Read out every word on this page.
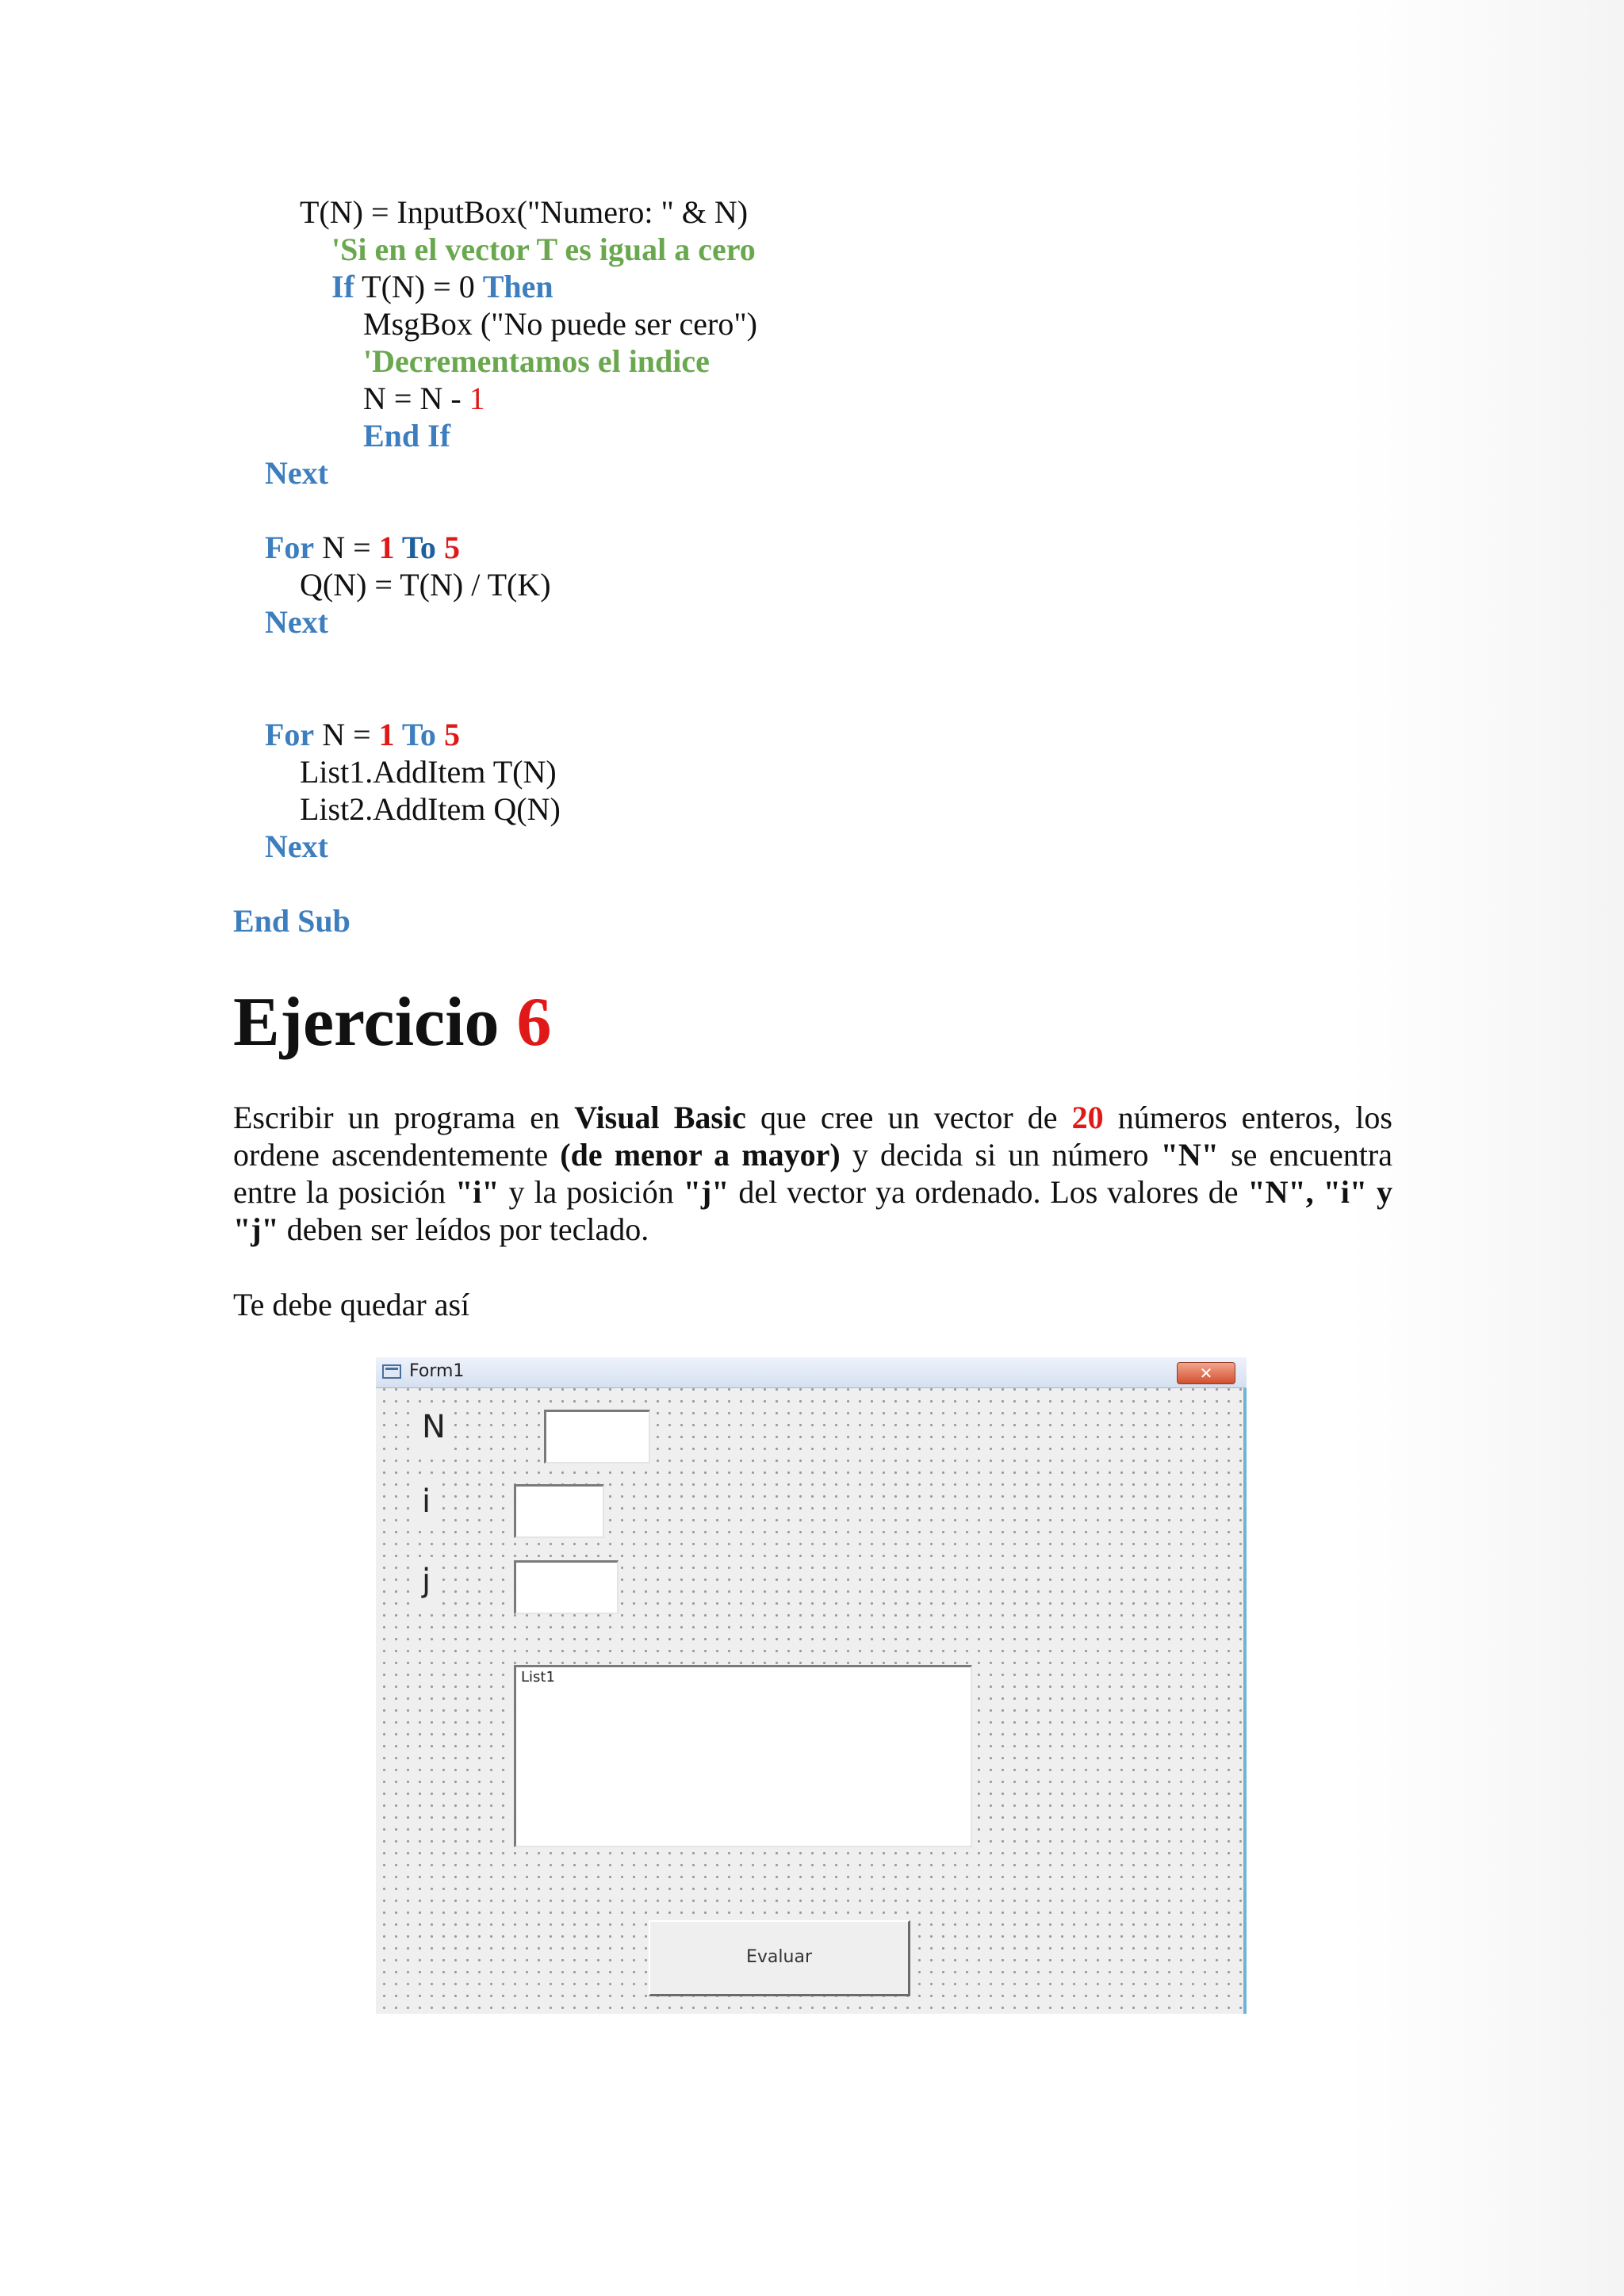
T(N) = InputBox("Numero: " & N)
'Si en el vector T es igual a cero
If T(N) = 0 Then
MsgBox ("No puede ser cero")
'Decrementamos el indice
N = N - 1
End If
Next
For N = 1 To 5
Q(N) = T(N) / T(K)
Next
For N = 1 To 5
List1.AddItem T(N)
List2.AddItem Q(N)
Next
End Sub
Ejercicio 6
Escribir un programa en Visual Basic que cree un vector de 20 números enteros, los ordene ascendentemente (de menor a mayor) y decida si un número "N" se encuentra entre la posición "i" y la posición "j" del vector ya ordenado. Los valores de "N", "i" y "j" deben ser leídos por teclado.
Te debe quedar así
Form1	✕
N
i
j
List1
Evaluar
